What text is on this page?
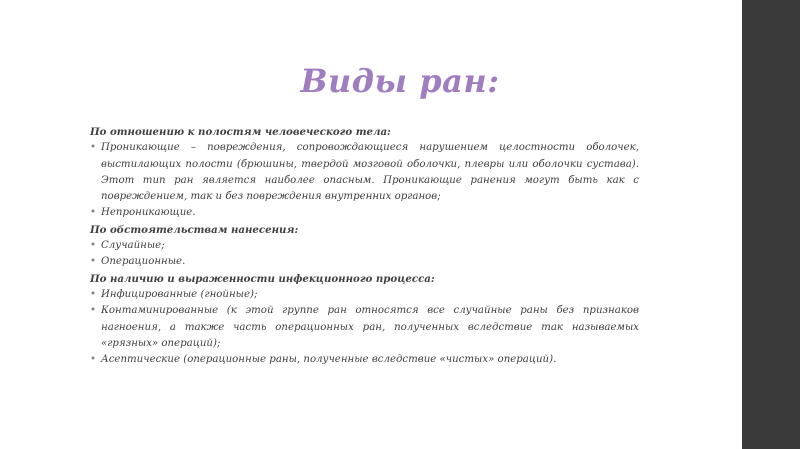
Виды ран:

По отношению к полостям человеческого тела:

• Проникающие – повреждения, сопровождающиеся нарушением целостности оболочек, выстилающих полости (брюшины, твердой мозговой оболочки, плевры или оболочки сустава). Этот тип ран является наиболее опасным. Проникающие ранения могут быть как с повреждением, так и без повреждения внутренних органов;

• Непроникающие.

По обстоятельствам нанесения:

• Случайные;

• Операционные.

По наличию и выраженности инфекционного процесса:

• Инфицированные (гнойные);

• Контаминированные (к этой группе ран относятся все случайные раны без признаков нагноения, а также часть операционных ран, полученных вследствие так называемых «грязных» операций);

• Асептические (операционные раны, полученные вследствие «чистых» операций).
